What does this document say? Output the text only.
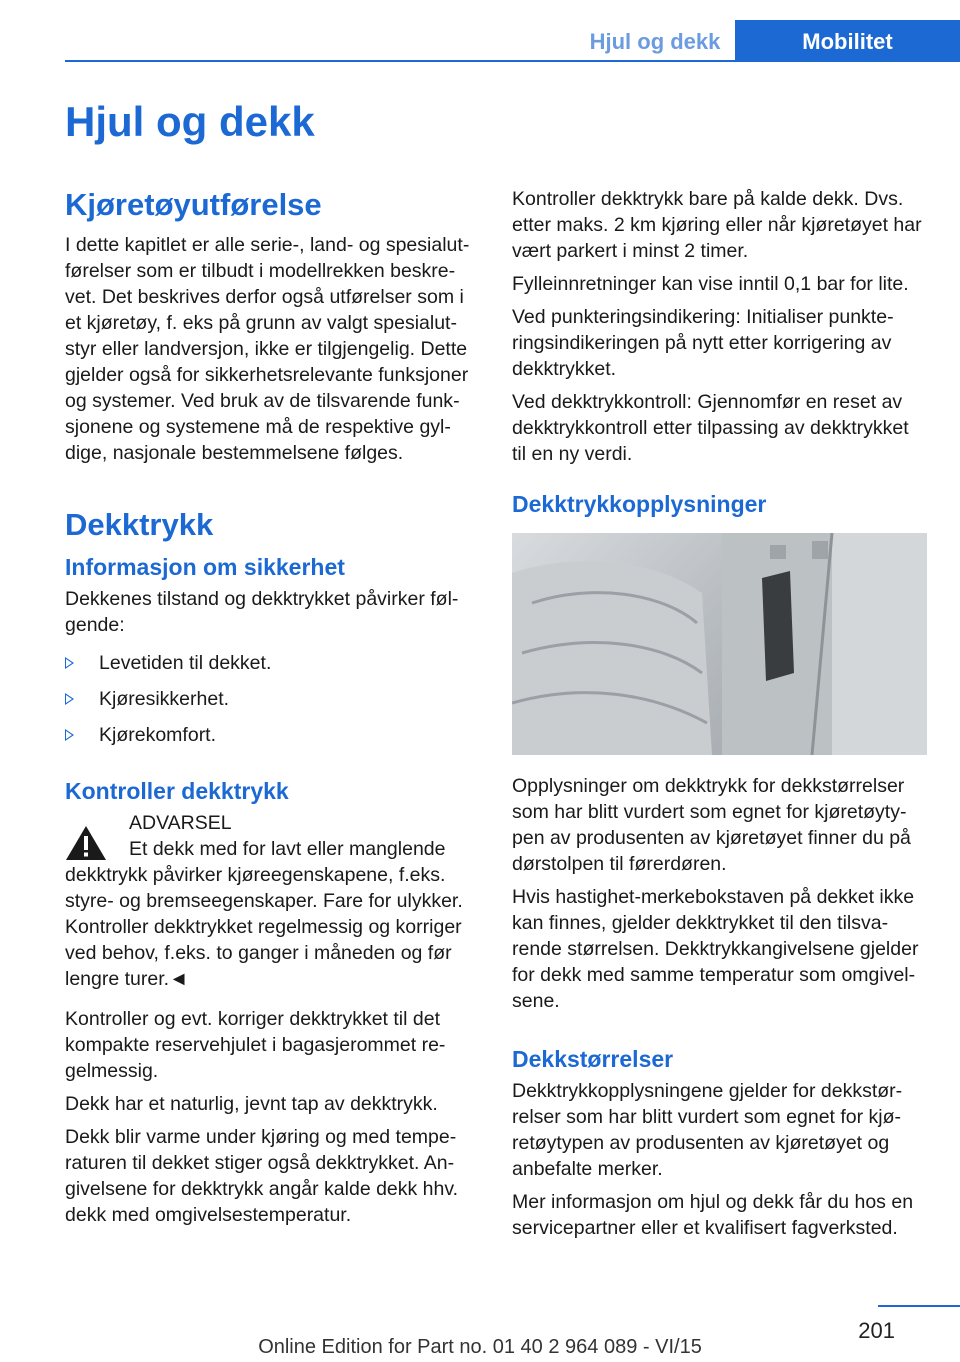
Hjul og dekk	Mobilitet
Hjul og dekk
Kjøretøyutførelse

I dette kapitlet er alle serie-, land- og spesialutførelser som er tilbudt i modellrekken beskrevet. Det beskrives derfor også utførelser som i et kjøretøy, f. eks på grunn av valgt spesialutstyr eller landversjon, ikke er tilgjengelig. Dette gjelder også for sikkerhetsrelevante funksjoner og systemer. Ved bruk av de tilsvarende funksjonene og systemene må de respektive gyldige, nasjonale bestemmelsene følges.

Dekktrykk
Informasjon om sikkerhet

Dekkenes tilstand og dekktrykket påvirker følgende:

Levetiden til dekket.
Kjøresikkerhet.
Kjørekomfort.
Kontroller dekktrykk
ADVARSEL
Et dekk med for lavt eller manglende
dekktrykk påvirker kjøreegenskapene, f.eks. styre- og bremseegenskaper. Fare for ulykker. Kontroller dekktrykket regelmessig og korriger ved behov, f.eks. to ganger i måneden og før lengre turer.◄

Kontroller og evt. korriger dekktrykket til det kompakte reservehjulet i bagasjerommet regelmessig.

Dekk har et naturlig, jevnt tap av dekktrykk.

Dekk blir varme under kjøring og med temperaturen til dekket stiger også dekktrykket. Angivelsene for dekktrykk angår kalde dekk hhv. dekk med omgivelsestemperatur.

Kontroller dekktrykk bare på kalde dekk. Dvs. etter maks. 2 km kjøring eller når kjøretøyet har vært parkert i minst 2 timer.

Fylleinnretninger kan vise inntil 0,1 bar for lite.

Ved punkteringsindikering: Initialiser punkteringsindikeringen på nytt etter korrigering av dekktrykket.

Ved dekktrykkontroll: Gjennomfør en reset av dekktrykkontroll etter tilpassing av dekktrykket til en ny verdi.

Dekktrykkopplysninger

Opplysninger om dekktrykk for dekkstørrelser som har blitt vurdert som egnet for kjøretøytypen av produsenten av kjøretøyet finner du på dørstolpen til førerdøren.

Hvis hastighet-merkebokstaven på dekket ikke kan finnes, gjelder dekktrykket til den tilsvarende størrelsen. Dekktrykkangivelsene gjelder for dekk med samme temperatur som omgivelsene.

Dekkstørrelser

Dekktrykkopplysningene gjelder for dekkstørrelser som har blitt vurdert som egnet for kjøretøytypen av produsenten av kjøretøyet og anbefalte merker.

Mer informasjon om hjul og dekk får du hos en servicepartner eller et kvalifisert fagverksted.

201
Online Edition for Part no. 01 40 2 964 089 - VI/15
